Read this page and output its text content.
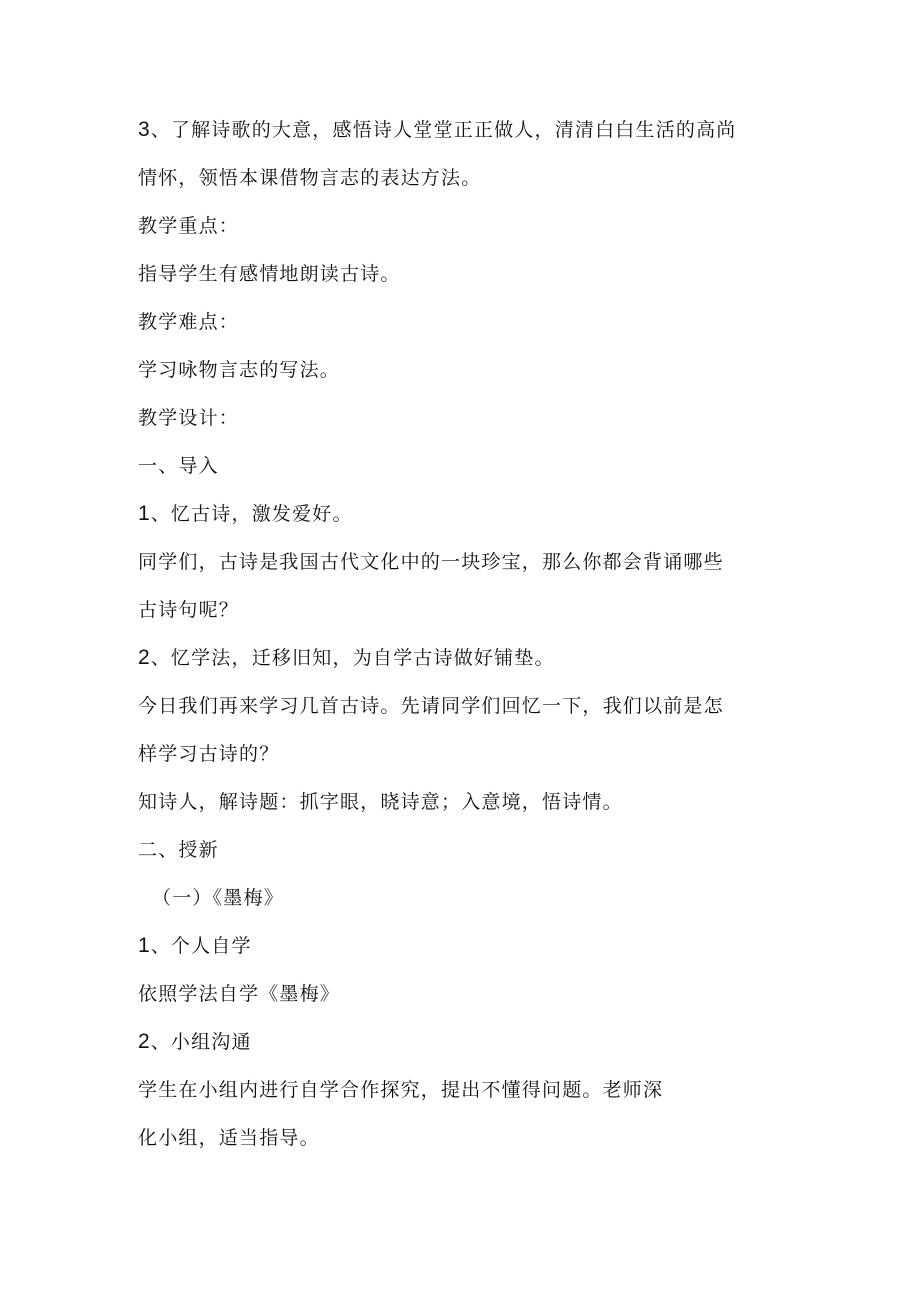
3、了解诗歌的大意，感悟诗人堂堂正正做人，清清白白生活的高尚
情怀，领悟本课借物言志的表达方法。
教学重点：
指导学生有感情地朗读古诗。
教学难点：
学习咏物言志的写法。
教学设计：
一、导入
1、忆古诗，激发爱好。
同学们，古诗是我国古代文化中的一块珍宝，那么你都会背诵哪些
古诗句呢？
2、忆学法，迁移旧知，为自学古诗做好铺垫。
今日我们再来学习几首古诗。先请同学们回忆一下，我们以前是怎
样学习古诗的？
知诗人，解诗题：抓字眼，晓诗意；入意境，悟诗情。
二、授新
（一）《墨梅》
1、个人自学
依照学法自学《墨梅》
2、小组沟通
学生在小组内进行自学合作探究，提出不懂得问题。老师深
化小组，适当指导。
